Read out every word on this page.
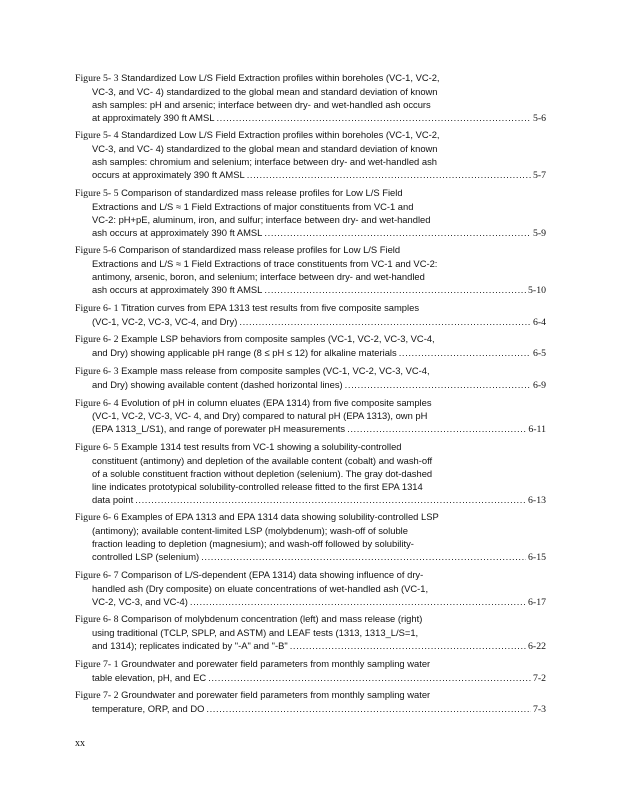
Figure 5- 3 Standardized Low L/S Field Extraction profiles within boreholes (VC-1, VC-2,
VC-3, and VC- 4) standardized to the global mean and standard deviation of known
ash samples: pH and arsenic; interface between dry- and wet-handled ash occurs

at approximately 390 ft AMSL .....	5-6
Figure 5- 4 Standardized Low L/S Field Extraction profiles within boreholes (VC-1, VC-2,
VC-3, and VC- 4) standardized to the global mean and standard deviation of known
ash samples: chromium and selenium; interface between dry- and wet-handled ash

occurs at approximately 390 ft AMSL .....	5-7
Figure 5- 5 Comparison of standardized mass release profiles for Low L/S Field
Extractions and L/S ≈ 1 Field Extractions of major constituents from VC-1 and
VC-2: pH+pE, aluminum, iron, and sulfur; interface between dry- and wet-handled

ash occurs at approximately 390 ft AMSL .....	5-9
Figure 5-6 Comparison of standardized mass release profiles for Low L/S Field
Extractions and L/S ≈ 1 Field Extractions of trace constituents from VC-1 and VC-2:
antimony, arsenic, boron, and selenium; interface between dry- and wet-handled

ash occurs at approximately 390 ft AMSL .....	5-10
Figure 6- 1 Titration curves from EPA 1313 test results from five composite samples

(VC-1, VC-2, VC-3, VC-4, and Dry) .....	6-4
Figure 6- 2 Example LSP behaviors from composite samples (VC-1, VC-2, VC-3, VC-4,

and Dry) showing applicable pH range (8 ≤ pH ≤ 12) for alkaline materials .....	6-5
Figure 6- 3 Example mass release from composite samples (VC-1, VC-2, VC-3, VC-4,

and Dry) showing available content (dashed horizontal lines) .....	6-9
Figure 6- 4 Evolution of pH in column eluates (EPA 1314) from five composite samples
(VC-1, VC-2, VC-3, VC- 4, and Dry) compared to natural pH (EPA 1313), own pH

(EPA 1313_L/S1), and range of porewater pH measurements .....	6-11
Figure 6- 5 Example 1314 test results from VC-1 showing a solubility-controlled
constituent (antimony) and depletion of the available content (cobalt) and wash-off
of a soluble constituent fraction without depletion (selenium). The gray dot-dashed
line indicates prototypical solubility-controlled release fitted to the first EPA 1314

data point .....	6-13
Figure 6- 6 Examples of EPA 1313 and EPA 1314 data showing solubility-controlled LSP
(antimony); available content-limited LSP (molybdenum); wash-off of soluble
fraction leading to depletion (magnesium); and wash-off followed by solubility-

controlled LSP (selenium) .....	6-15
Figure 6- 7 Comparison of L/S-dependent (EPA 1314) data showing influence of dry-
handled ash (Dry composite) on eluate concentrations of wet-handled ash (VC-1,

VC-2, VC-3, and VC-4) .....	6-17
Figure 6- 8 Comparison of molybdenum concentration (left) and mass release (right)
using traditional (TCLP, SPLP, and ASTM) and LEAF tests (1313, 1313_L/S=1,

and 1314); replicates indicated by "-A" and "-B" .....	6-22
Figure 7- 1 Groundwater and porewater field parameters from monthly sampling water

table elevation, pH, and EC .....	7-2
Figure 7- 2 Groundwater and porewater field parameters from monthly sampling water

temperature, ORP, and DO .....	7-3
xx
